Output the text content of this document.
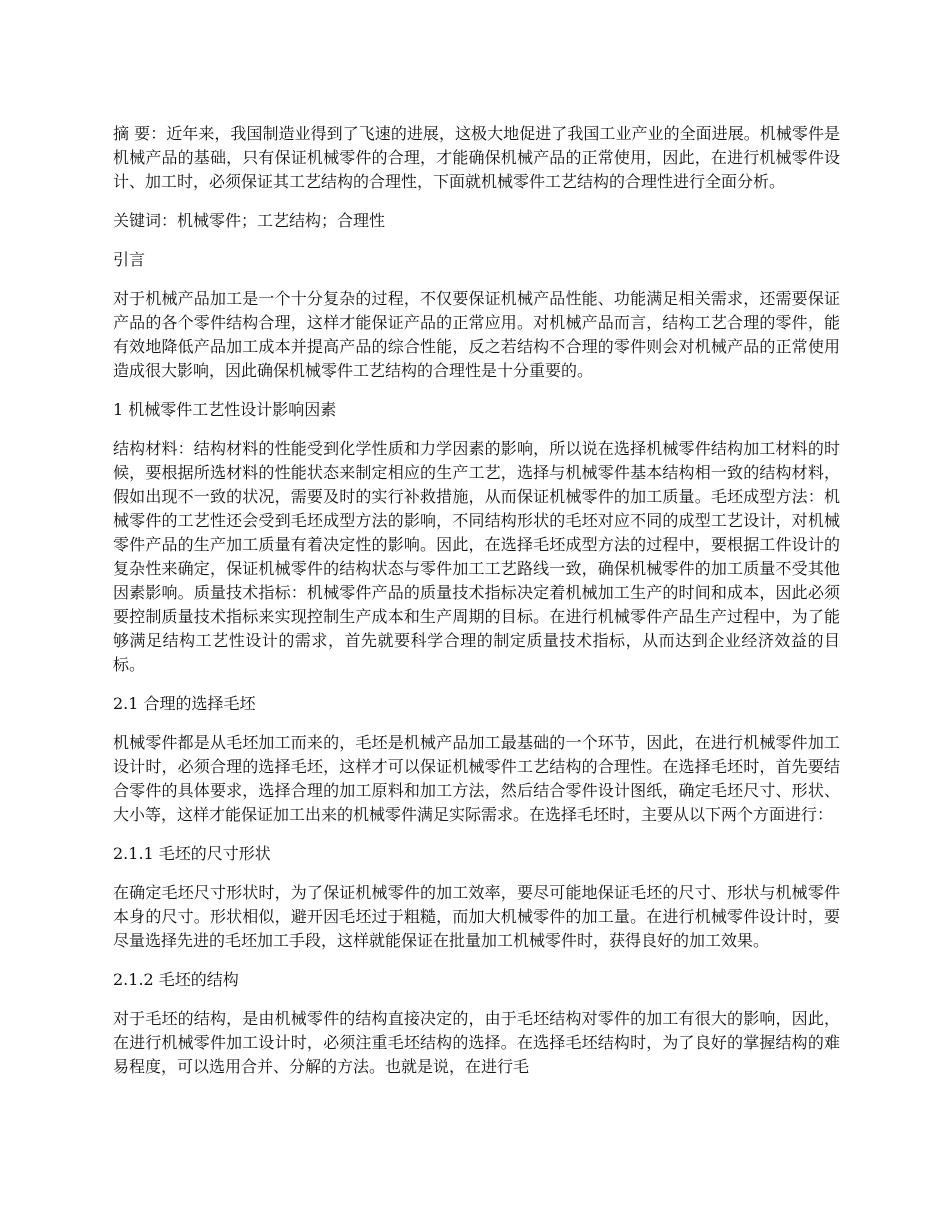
摘 要：近年来，我国制造业得到了飞速的进展，这极大地促进了我国工业产业的全面进展。机械零件是机械产品的基础，只有保证机械零件的合理，才能确保机械产品的正常使用，因此，在进行机械零件设计、加工时，必须保证其工艺结构的合理性，下面就机械零件工艺结构的合理性进行全面分析。

关键词：机械零件；工艺结构；合理性

引言

对于机械产品加工是一个十分复杂的过程，不仅要保证机械产品性能、功能满足相关需求，还需要保证产品的各个零件结构合理，这样才能保证产品的正常应用。对机械产品而言，结构工艺合理的零件，能有效地降低产品加工成本并提高产品的综合性能，反之若结构不合理的零件则会对机械产品的正常使用造成很大影响，因此确保机械零件工艺结构的合理性是十分重要的。

1 机械零件工艺性设计影响因素

结构材料：结构材料的性能受到化学性质和力学因素的影响，所以说在选择机械零件结构加工材料的时候，要根据所选材料的性能状态来制定相应的生产工艺，选择与机械零件基本结构相一致的结构材料，假如出现不一致的状况，需要及时的实行补救措施，从而保证机械零件的加工质量。毛坯成型方法：机械零件的工艺性还会受到毛坯成型方法的影响，不同结构形状的毛坯对应不同的成型工艺设计，对机械零件产品的生产加工质量有着决定性的影响。因此，在选择毛坯成型方法的过程中，要根据工件设计的复杂性来确定，保证机械零件的结构状态与零件加工工艺路线一致，确保机械零件的加工质量不受其他因素影响。质量技术指标：机械零件产品的质量技术指标决定着机械加工生产的时间和成本，因此必须要控制质量技术指标来实现控制生产成本和生产周期的目标。在进行机械零件产品生产过程中，为了能够满足结构工艺性设计的需求，首先就要科学合理的制定质量技术指标，从而达到企业经济效益的目标。

2.1 合理的选择毛坯

机械零件都是从毛坯加工而来的，毛坯是机械产品加工最基础的一个环节，因此，在进行机械零件加工设计时，必须合理的选择毛坯，这样才可以保证机械零件工艺结构的合理性。在选择毛坯时，首先要结合零件的具体要求，选择合理的加工原料和加工方法，然后结合零件设计图纸，确定毛坯尺寸、形状、大小等，这样才能保证加工出来的机械零件满足实际需求。在选择毛坯时，主要从以下两个方面进行：

2.1.1 毛坯的尺寸形状

在确定毛坯尺寸形状时，为了保证机械零件的加工效率，要尽可能地保证毛坯的尺寸、形状与机械零件本身的尺寸。形状相似，避开因毛坯过于粗糙，而加大机械零件的加工量。在进行机械零件设计时，要尽量选择先进的毛坯加工手段，这样就能保证在批量加工机械零件时，获得良好的加工效果。

2.1.2 毛坯的结构

对于毛坯的结构，是由机械零件的结构直接决定的，由于毛坯结构对零件的加工有很大的影响，因此，在进行机械零件加工设计时，必须注重毛坯结构的选择。在选择毛坯结构时，为了良好的掌握结构的难易程度，可以选用合并、分解的方法。也就是说，在进行毛
